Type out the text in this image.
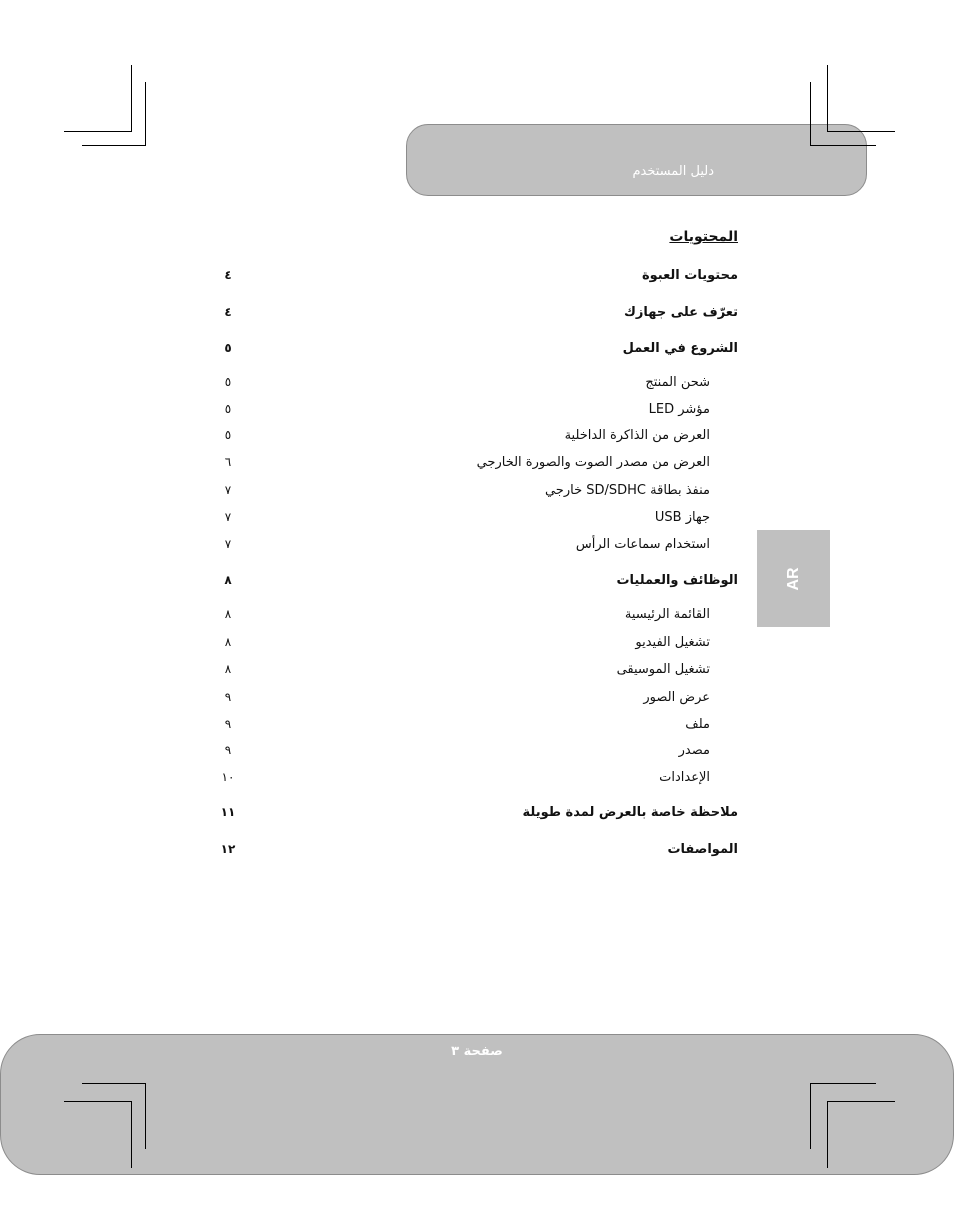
دليل المستخدم
المحتويات
محتويات العبوة
٤
تعرّف على جهازك
٤
الشروع في العمل
٥
شحن المنتج
٥
مؤشر LED
٥
العرض من الذاكرة الداخلية
٥
العرض من مصدر الصوت والصورة الخارجي
٦
منفذ بطاقة SD/SDHC خارجي
٧
جهاز USB
٧
استخدام سماعات الرأس
٧
الوظائف والعمليات
٨
القائمة الرئيسية
٨
تشغيل الفيديو
٨
تشغيل الموسيقى
٨
عرض الصور
٩
ملف
٩
مصدر
٩
الإعدادات
١٠
ملاحظة خاصة بالعرض لمدة طويلة
١١
المواصفات
١٢
AR
صفحة ٣
